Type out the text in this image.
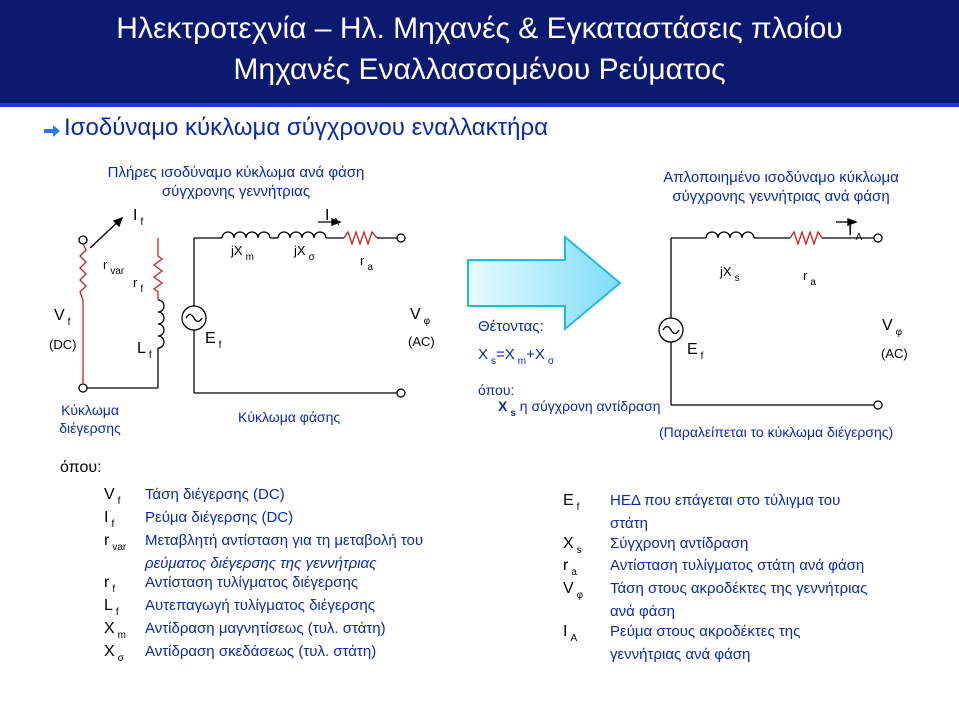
Ηλεκτροτεχνία – Ηλ. Μηχανές & Εγκαταστάσεις πλοίου
Μηχανές Εναλλασσομένου Ρεύματος
Ισοδύναμο κύκλωμα σύγχρονου εναλλακτήρα
Πλήρες ισοδύναμο κύκλωμα ανά φάση
σύγχρονης γεννήτριας
I $_f$
r $_{var}$
r $_f$
jX $_m$	jX $_\sigma$
I $_A$
r $_a$
V $_f$
(DC)	L $_f$
E $_f$
V $_\varphi$
(AC)
Κύκλωμα
διέγερσης
Κύκλωμα φάσης
Θέτοντας:
X $_s$=X $_m$+X $_\sigma$
όπου:
X $_s$ η σύγχρονη αντίδραση
Απλοποιημένο ισοδύναμο κύκλωμα
σύγχρονης γεννήτριας ανά φάση
I $_A$
jX $_s$	r $_a$
E $_f$
V $_\varphi$
(AC)
(Παραλείπεται το κύκλωμα διέγερσης)
όπου:
V $_f$ Τάση διέγερσης (DC)
I $_f$ Ρεύμα διέγερσης (DC)
r $_{var}$ Μεταβλητή αντίσταση για τη μεταβολή του
ρεύματος διέγερσης της γεννήτριας
r $_f$ Αντίσταση τυλίγματος διέγερσης
L $_f$ Αυτεπαγωγή τυλίγματος διέγερσης
X $_m$ Αντίδραση μαγνητίσεως (τυλ. στάτη)
X $_\sigma$ Αντίδραση σκεδάσεως (τυλ. στάτη)
E $_f$ ΗΕΔ που επάγεται στο τύλιγμα του
στάτη
X $_s$ Σύγχρονη αντίδραση
r $_a$ Αντίσταση τυλίγματος στάτη ανά φάση
V $_\varphi$ Τάση στους ακροδέκτες της γεννήτριας
ανά φάση
I $_A$ Ρεύμα στους ακροδέκτες της
γεννήτριας ανά φάση
